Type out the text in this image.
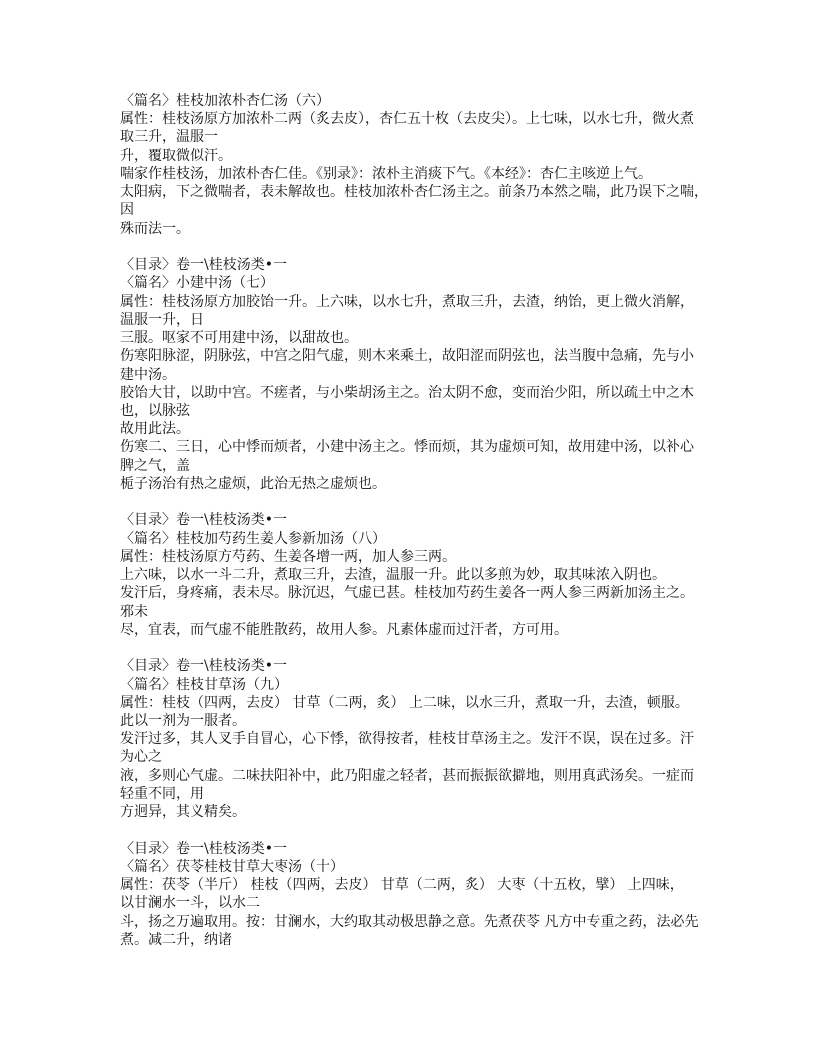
〈篇名〉桂枝加浓朴杏仁汤（六）
属性：桂枝汤原方加浓朴二两（炙去皮），杏仁五十枚（去皮尖）。上七味，以水七升，微火煮
取三升，温服一
升，覆取微似汗。
喘家作桂枝汤，加浓朴杏仁佳。《别录》：浓朴主消痰下气。《本经》：杏仁主咳逆上气。
太阳病，下之微喘者，表未解故也。桂枝加浓朴杏仁汤主之。前条乃本然之喘，此乃误下之喘，
因
殊而法一。
〈目录〉卷一\桂枝汤类•一
〈篇名〉小建中汤（七）
属性：桂枝汤原方加胶饴一升。上六味，以水七升，煮取三升，去渣，纳饴，更上微火消解，
温服一升，日
三服。呕家不可用建中汤，以甜故也。
伤寒阳脉涩，阴脉弦，中宫之阳气虚，则木来乘土，故阳涩而阴弦也，法当腹中急痛，先与小
建中汤。
胶饴大甘，以助中宫。不瘥者，与小柴胡汤主之。治太阴不愈，变而治少阳，所以疏土中之木
也，以脉弦
故用此法。
伤寒二、三日，心中悸而烦者，小建中汤主之。悸而烦，其为虚烦可知，故用建中汤，以补心
脾之气，盖
栀子汤治有热之虚烦，此治无热之虚烦也。
〈目录〉卷一\桂枝汤类•一
〈篇名〉桂枝加芍药生姜人参新加汤（八）
属性：桂枝汤原方芍药、生姜各增一两，加人参三两。
上六味，以水一斗二升，煮取三升，去渣，温服一升。此以多煎为妙，取其味浓入阴也。
发汗后，身疼痛，表未尽。脉沉迟，气虚已甚。桂枝加芍药生姜各一两人参三两新加汤主之。
邪未
尽，宜表，而气虚不能胜散药，故用人参。凡素体虚而过汗者，方可用。
〈目录〉卷一\桂枝汤类•一
〈篇名〉桂枝甘草汤（九）
属性：桂枝（四两，去皮） 甘草（二两，炙） 上二味，以水三升，煮取一升，去渣，顿服。
此以一剂为一服者。
发汗过多，其人叉手自冒心，心下悸，欲得按者，桂枝甘草汤主之。发汗不误，误在过多。汗
为心之
液，多则心气虚。二味扶阳补中，此乃阳虚之轻者，甚而振振欲擗地，则用真武汤矣。一症而
轻重不同，用
方迥异，其义精矣。
〈目录〉卷一\桂枝汤类•一
〈篇名〉茯苓桂枝甘草大枣汤（十）
属性：茯苓（半斤） 桂枝（四两，去皮） 甘草（二两，炙） 大枣（十五枚，擘） 上四味，
以甘澜水一斗，以水二
斗，扬之万遍取用。按：甘澜水，大约取其动极思静之意。先煮茯苓 凡方中专重之药，法必先
煮。减二升，纳诸
